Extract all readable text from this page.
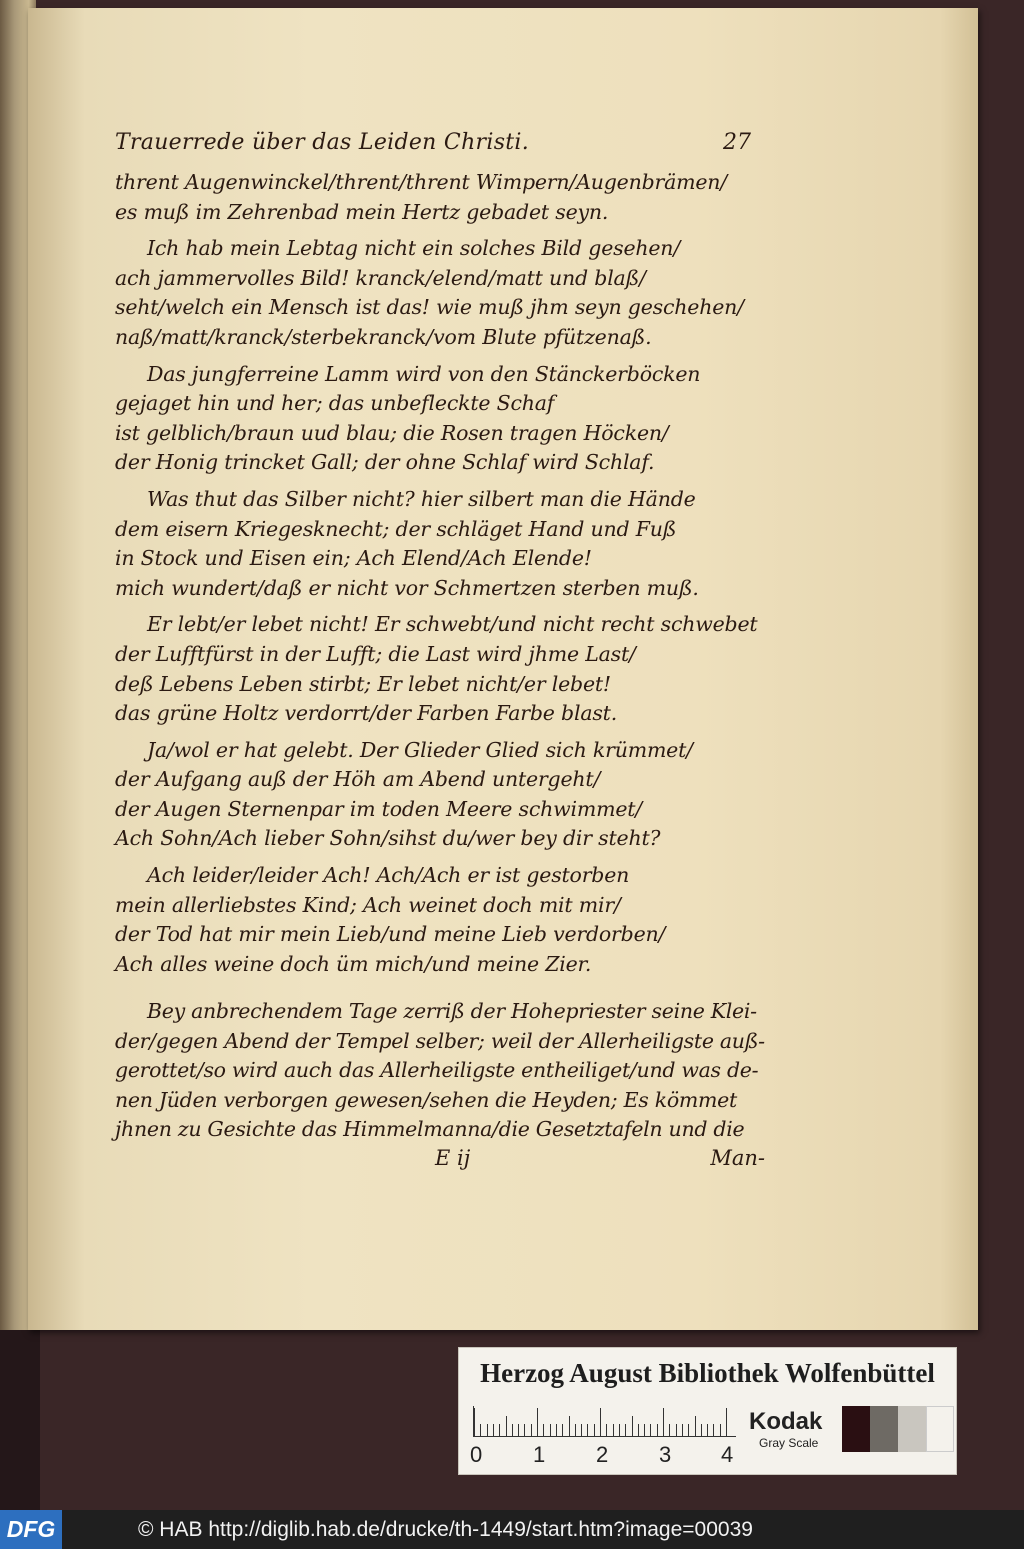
Trauerrede über das Leiden Christi.	27
thrent Augenwinckel/thrent/thrent Wimpern/Augenbrämen/
es muß im Zehrenbad mein Hertz gebadet seyn.
Ich hab mein Lebtag nicht ein solches Bild gesehen/
ach jammervolles Bild! kranck/elend/matt und blaß/
seht/welch ein Mensch ist das! wie muß jhm seyn geschehen/
naß/matt/kranck/sterbekranck/vom Blute pfützenaß.
Das jungferreine Lamm wird von den Stänckerböcken
gejaget hin und her; das unbefleckte Schaf
ist gelblich/braun uud blau; die Rosen tragen Höcken/
der Honig trincket Gall; der ohne Schlaf wird Schlaf.
Was thut das Silber nicht? hier silbert man die Hände
dem eisern Kriegesknecht; der schläget Hand und Fuß
in Stock und Eisen ein; Ach Elend/Ach Elende!
mich wundert/daß er nicht vor Schmertzen sterben muß.
Er lebt/er lebet nicht! Er schwebt/und nicht recht schwebet
der Lufftfürst in der Lufft; die Last wird jhme Last/
deß Lebens Leben stirbt; Er lebet nicht/er lebet!
das grüne Holtz verdorrt/der Farben Farbe blast.
Ja/wol er hat gelebt. Der Glieder Glied sich krümmet/
der Aufgang auß der Höh am Abend untergeht/
der Augen Sternenpar im toden Meere schwimmet/
Ach Sohn/Ach lieber Sohn/sihst du/wer bey dir steht?
Ach leider/leider Ach! Ach/Ach er ist gestorben
mein allerliebstes Kind; Ach weinet doch mit mir/
der Tod hat mir mein Lieb/und meine Lieb verdorben/
Ach alles weine doch üm mich/und meine Zier.
Bey anbrechendem Tage zerriß der Hohepriester seine Klei-
der/gegen Abend der Tempel selber; weil der Allerheiligste auß-
gerottet/so wird auch das Allerheiligste entheiliget/und was de-
nen Jüden verborgen gewesen/sehen die Heyden; Es kömmet
jhnen zu Gesichte das Himmelmanna/die Gesetztafeln und die
E ij	Man-
Herzog August Bibliothek Wolfenbüttel
0 1 2 3 4
Kodak
Gray Scale
DFG	© HAB http://diglib.hab.de/drucke/th-1449/start.htm?image=00039
